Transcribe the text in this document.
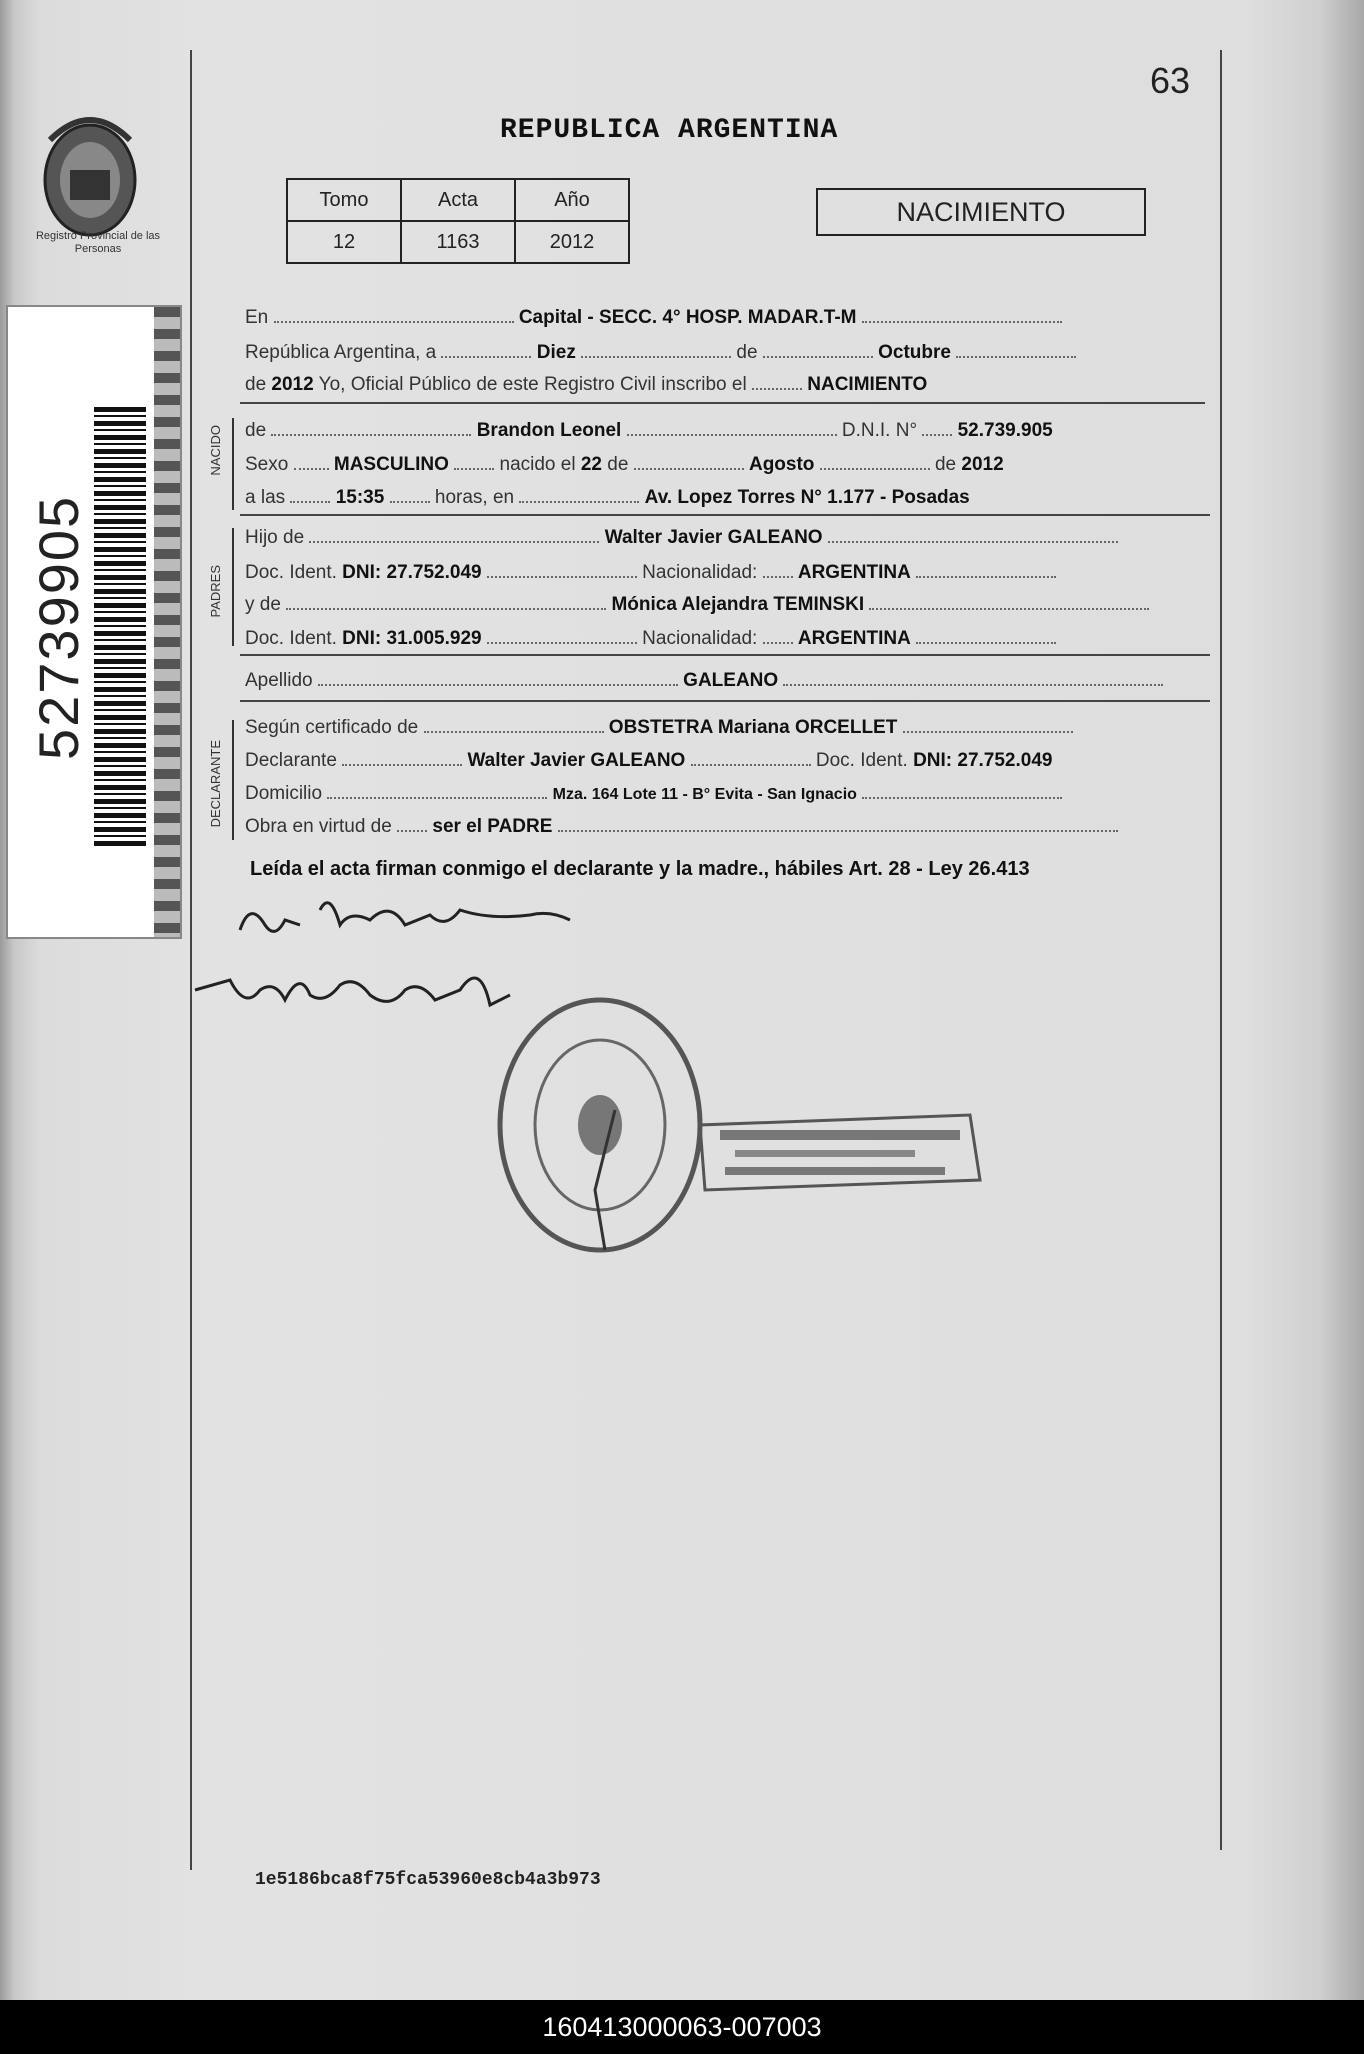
63
REPUBLICA ARGENTINA
Registro Provincial de las Personas
Tomo	Acta	Año
12	1163	2012
NACIMIENTO
52739905
En	Capital - SECC. 4° HOSP. MADAR.T-M
República Argentina, a	Diez	de	Octubre
de 2012 Yo, Oficial Público de este Registro Civil inscribo el	NACIMIENTO
NACIDO de	Brandon Leonel	D.N.I. N° 52.739.905
Sexo MASCULINO	nacido el 22 de	Agosto	de 2012
a las	15:35	horas, en	Av. Lopez Torres N° 1.177 - Posadas
PADRES
Hijo de	Walter Javier GALEANO
Doc. Ident. DNI: 27.752.049	Nacionalidad: ARGENTINA
y de	Mónica Alejandra TEMINSKI
Doc. Ident. DNI: 31.005.929	Nacionalidad: ARGENTINA
Apellido	GALEANO
DECLARANTE
Según certificado de	OBSTETRA Mariana ORCELLET
Declarante	Walter Javier GALEANO	Doc. Ident. DNI: 27.752.049
Domicilio	Mza. 164 Lote 11 - B° Evita - San Ignacio
Obra en virtud de ser el PADRE
Leída el acta firman conmigo el declarante y la madre., hábiles Art. 28 - Ley 26.413
1e5186bca8f75fca53960e8cb4a3b973
160413000063-007003
